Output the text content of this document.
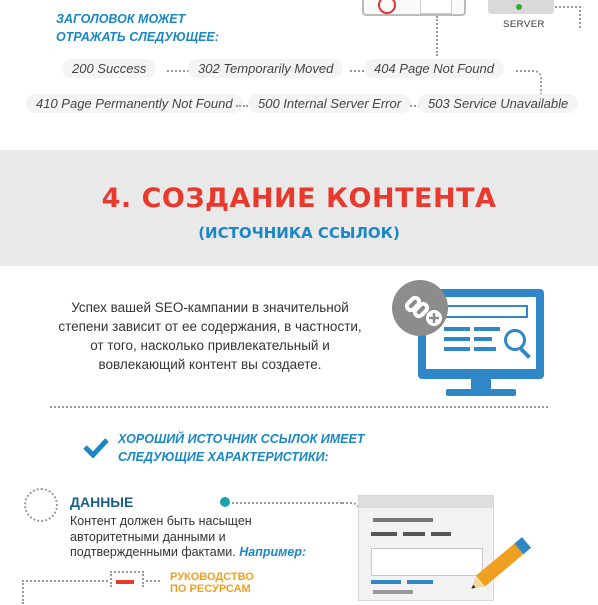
SERVER
ЗАГОЛОВОК МОЖЕТ
ОТРАЖАТЬ СЛЕДУЮЩЕЕ:
200 Success	302 Temporarily Moved	404 Page Not Found
410 Page Permanently Not Found	500 Internal Server Error	503 Service Unavailable
4. СОЗДАНИЕ КОНТЕНТА
(ИСТОЧНИКА ССЫЛОК)
Успех вашей SEO-кампании в значительной
степени зависит от ее содержания, в частности,
от того, насколько привлекательный и
вовлекающий контент вы создаете.
ХОРОШИЙ ИСТОЧНИК ССЫЛОК ИМЕЕТ
СЛЕДУЮЩИЕ ХАРАКТЕРИСТИКИ:
ДАННЫЕ
Контент должен быть насыщен
авторитетными данными и
подтвержденными фактами. Например:
РУКОВОДСТВО
ПО РЕСУРСАМ
